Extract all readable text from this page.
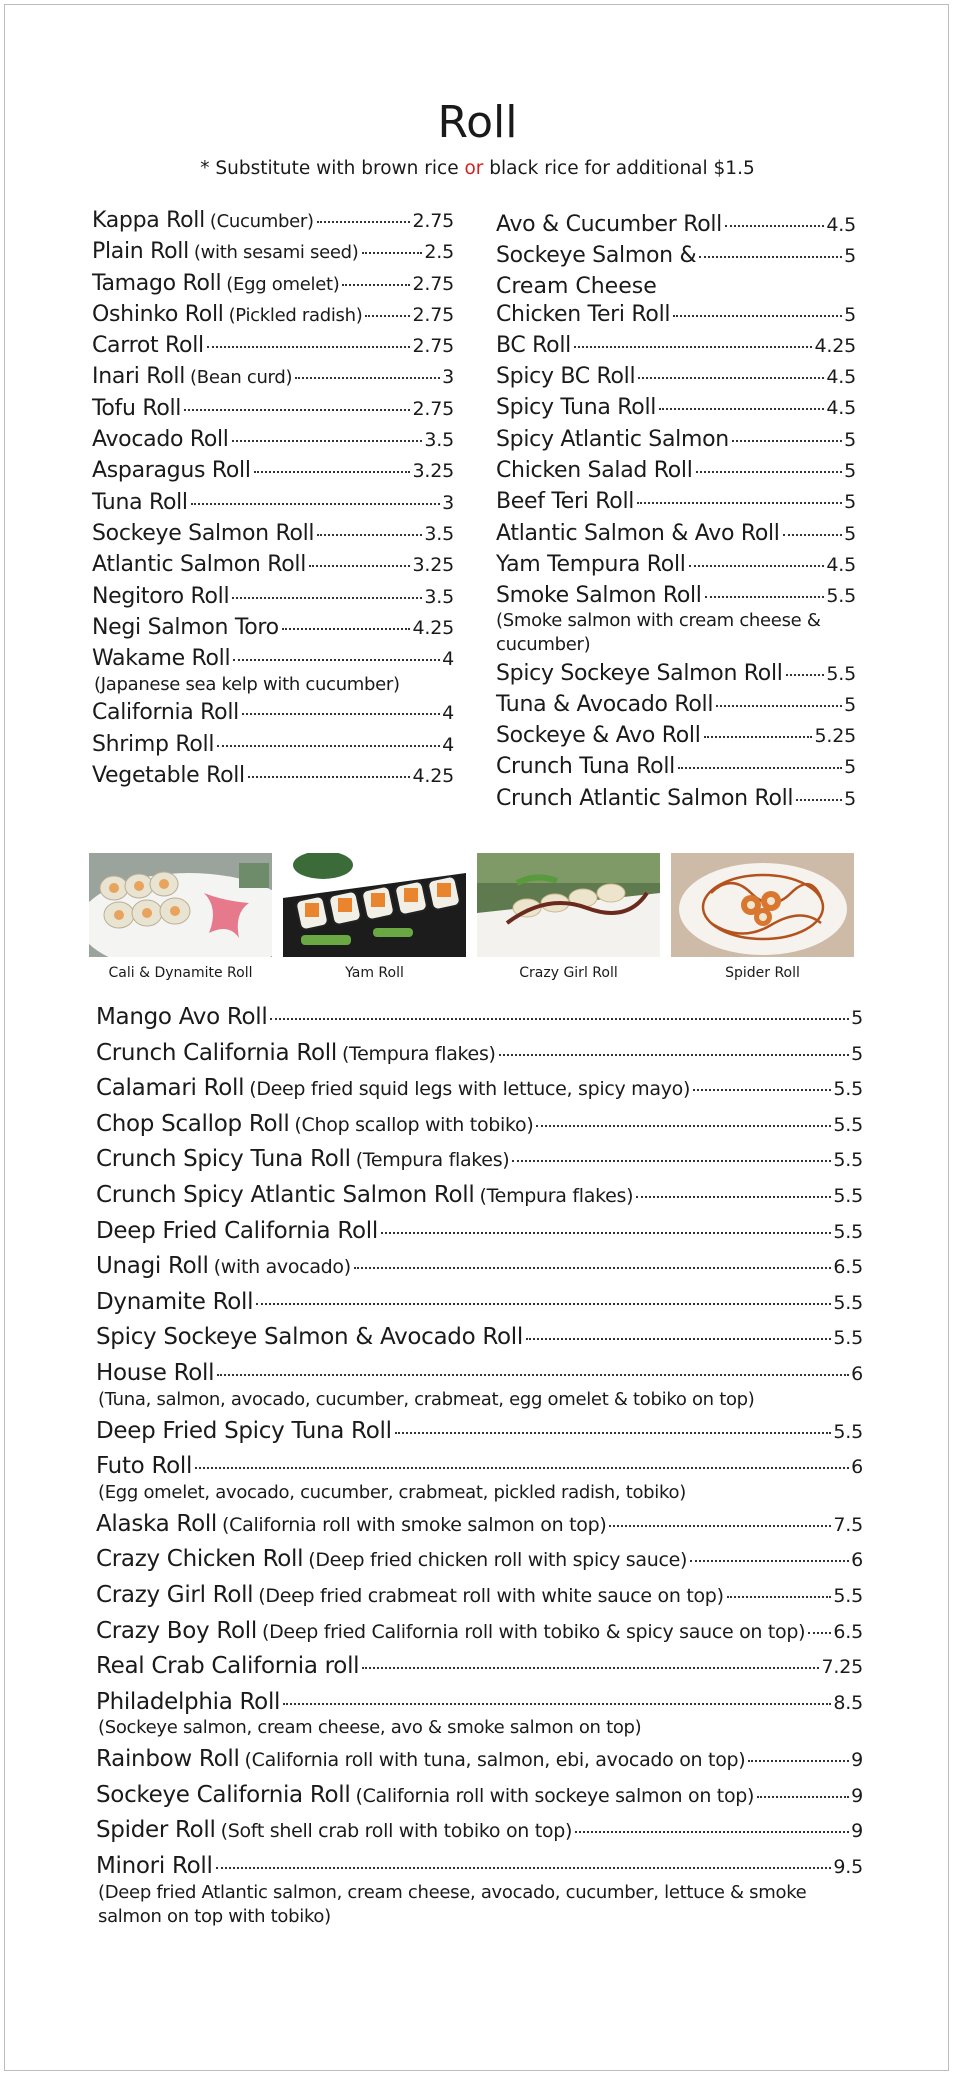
Roll
* Substitute with brown rice or black rice for additional $1.5
Kappa Roll (Cucumber)	2.75
Plain Roll (with sesami seed)	2.5
Tamago Roll (Egg omelet)	2.75
Oshinko Roll (Pickled radish)	2.75
Carrot Roll	2.75
Inari Roll (Bean curd)	3
Tofu Roll	2.75
Avocado Roll	3.5
Asparagus Roll	3.25
Tuna Roll	3
Sockeye Salmon Roll	3.5
Atlantic Salmon Roll	3.25
Negitoro Roll	3.5
Negi Salmon Toro	4.25
Wakame Roll	4
(Japanese sea kelp with cucumber)
California Roll	4
Shrimp Roll	4
Vegetable Roll	4.25
Avo & Cucumber Roll	4.5
Sockeye Salmon &	5
Cream Cheese
Chicken Teri Roll	5
BC Roll	4.25
Spicy BC Roll	4.5
Spicy Tuna Roll	4.5
Spicy Atlantic Salmon	5
Chicken Salad Roll	5
Beef Teri Roll	5
Atlantic Salmon & Avo Roll	5
Yam Tempura Roll	4.5
Smoke Salmon Roll	5.5
(Smoke salmon with cream cheese & cucumber)
Spicy Sockeye Salmon Roll 5.5
Tuna & Avocado Roll	5
Sockeye & Avo Roll	5.25
Crunch Tuna Roll	5
Crunch Atlantic Salmon Roll	5
Cali & Dynamite Roll	Yam Roll	Crazy Girl Roll	Spider Roll
Mango Avo Roll	5
Crunch California Roll (Tempura flakes)	5
Calamari Roll (Deep fried squid legs with lettuce, spicy mayo)	5.5
Chop Scallop Roll (Chop scallop with tobiko)	5.5
Crunch Spicy Tuna Roll (Tempura flakes)	5.5
Crunch Spicy Atlantic Salmon Roll (Tempura flakes)	5.5
Deep Fried California Roll	5.5
Unagi Roll (with avocado)	6.5
Dynamite Roll	5.5
Spicy Sockeye Salmon & Avocado Roll	5.5
House Roll	6
(Tuna, salmon, avocado, cucumber, crabmeat, egg omelet & tobiko on top)
Deep Fried Spicy Tuna Roll	5.5
Futo Roll	6
(Egg omelet, avocado, cucumber, crabmeat, pickled radish, tobiko)
Alaska Roll (California roll with smoke salmon on top)	7.5
Crazy Chicken Roll (Deep fried chicken roll with spicy sauce)	6
Crazy Girl Roll (Deep fried crabmeat roll with white sauce on top)	5.5
Crazy Boy Roll (Deep fried California roll with tobiko & spicy sauce on top) 6.5
Real Crab California roll	7.25
Philadelphia Roll	8.5
(Sockeye salmon, cream cheese, avo & smoke salmon on top)
Rainbow Roll (California roll with tuna, salmon, ebi, avocado on top)	9
Sockeye California Roll (California roll with sockeye salmon on top)	9
Spider Roll (Soft shell crab roll with tobiko on top)	9
Minori Roll	9.5
(Deep fried Atlantic salmon, cream cheese, avocado, cucumber, lettuce & smoke salmon on top with tobiko)
